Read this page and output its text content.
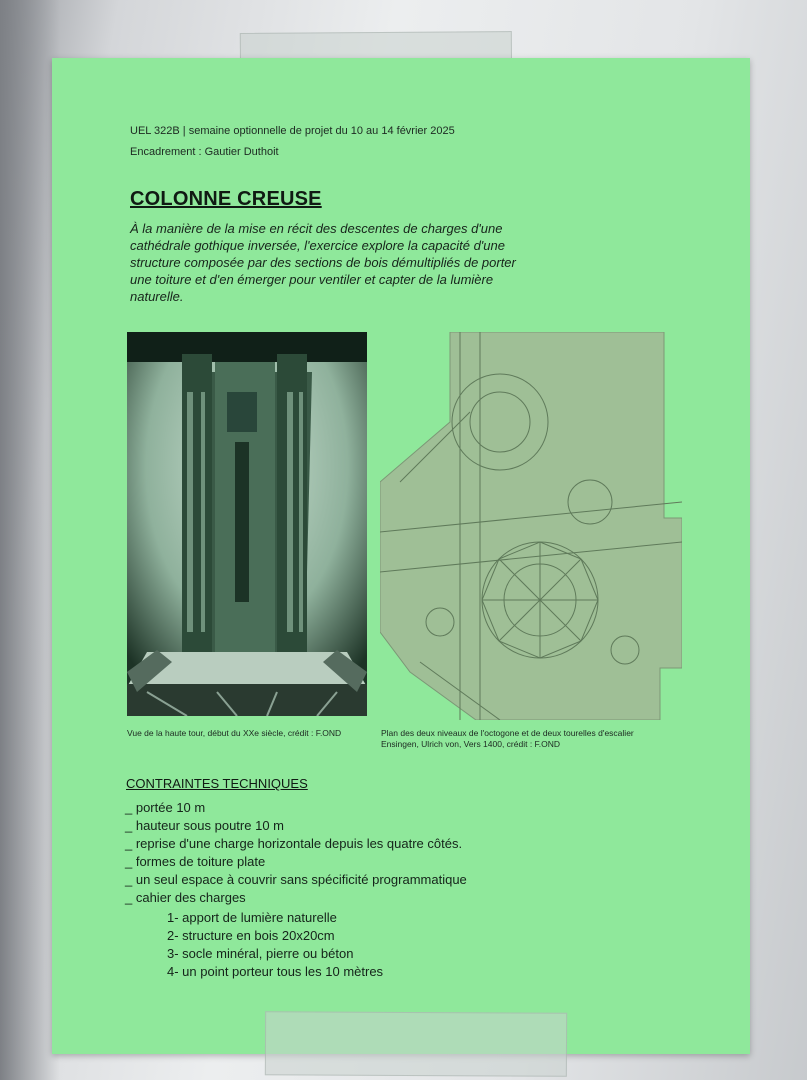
UEL 322B | semaine optionnelle de projet du 10 au 14 février 2025
Encadrement : Gautier Duthoit
COLONNE CREUSE

À la manière de la mise en récit des descentes de charges d'une cathédrale gothique inversée, l'exercice explore la capacité d'une structure composée par des sections de bois démultipliés de porter une toiture et d'en émerger pour ventiler et capter de la lumière naturelle.

Vue de la haute tour, début du XXe siècle, crédit : F.OND	Plan des deux niveaux de l'octogone et de deux tourelles d'escalier
Ensingen, Ulrich von, Vers 1400, crédit : F.OND
CONTRAINTES TECHNIQUES
_ portée 10 m
_ hauteur sous poutre 10 m
_ reprise d'une charge horizontale depuis les quatre côtés.
_ formes de toiture plate
_ un seul espace à couvrir sans spécificité programmatique
_ cahier des charges
1- apport de lumière naturelle
2- structure en bois 20x20cm
3- socle minéral, pierre ou béton
4- un point porteur tous les 10 mètres
